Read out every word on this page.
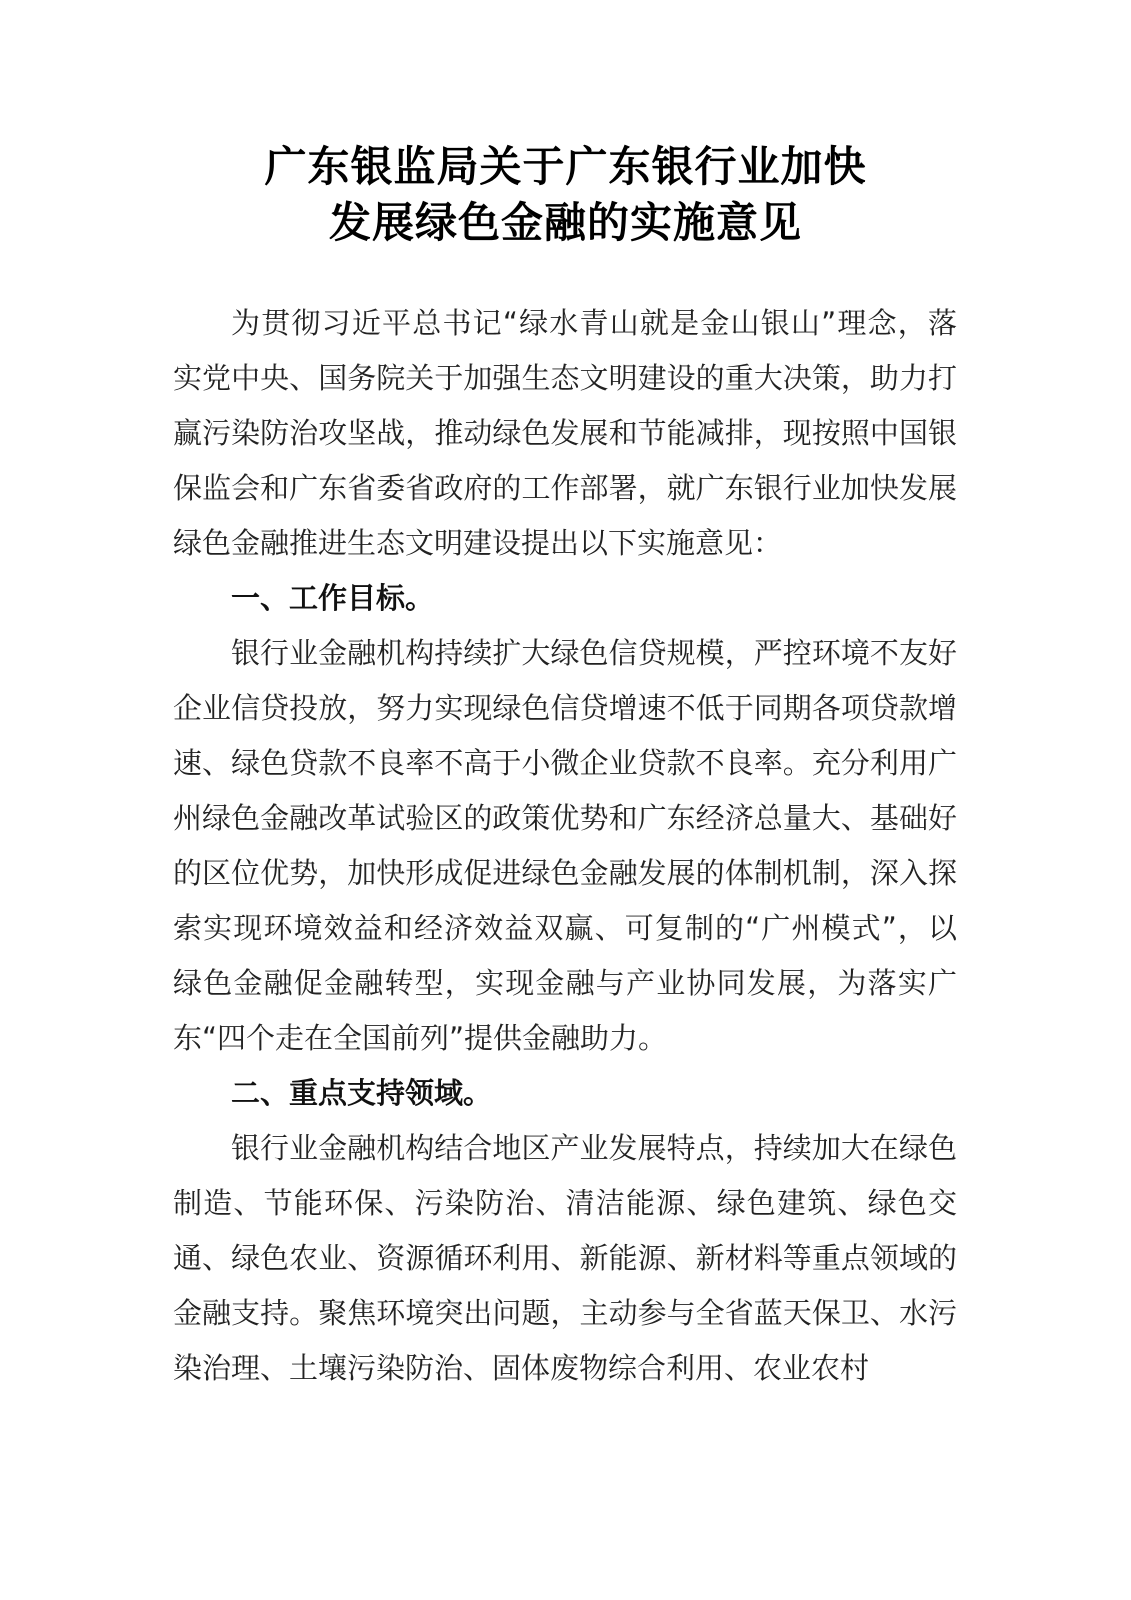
广东银监局关于广东银行业加快
发展绿色金融的实施意见

为贯彻习近平总书记“绿水青山就是金山银山”理念，落实党中央、国务院关于加强生态文明建设的重大决策，助力打赢污染防治攻坚战，推动绿色发展和节能减排，现按照中国银保监会和广东省委省政府的工作部署，就广东银行业加快发展绿色金融推进生态文明建设提出以下实施意见：

一、工作目标。

银行业金融机构持续扩大绿色信贷规模，严控环境不友好企业信贷投放，努力实现绿色信贷增速不低于同期各项贷款增速、绿色贷款不良率不高于小微企业贷款不良率。充分利用广州绿色金融改革试验区的政策优势和广东经济总量大、基础好的区位优势，加快形成促进绿色金融发展的体制机制，深入探索实现环境效益和经济效益双赢、可复制的“广州模式”，以绿色金融促金融转型，实现金融与产业协同发展，为落实广东“四个走在全国前列”提供金融助力。

二、重点支持领域。

银行业金融机构结合地区产业发展特点，持续加大在绿色制造、节能环保、污染防治、清洁能源、绿色建筑、绿色交通、绿色农业、资源循环利用、新能源、新材料等重点领域的金融支持。聚焦环境突出问题，主动参与全省蓝天保卫、水污染治理、土壤污染防治、固体废物综合利用、农业农村
